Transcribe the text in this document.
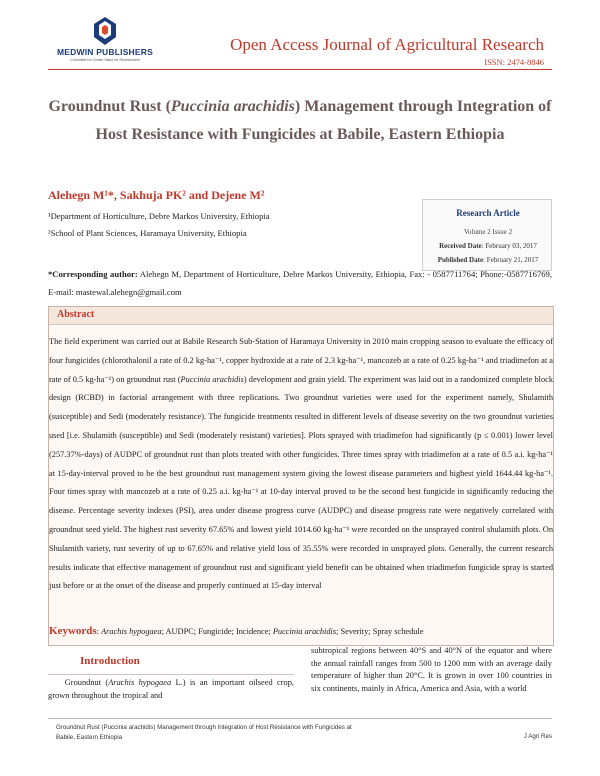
MEDWIN PUBLISHERS
Committed to Create Value for Researchers
Open Access Journal of Agricultural Research
ISSN: 2474-8846
Groundnut Rust (Puccinia arachidis) Management through Integration of Host Resistance with Fungicides at Babile, Eastern Ethiopia
Alehegn M¹*, Sakhuja PK² and Dejene M²
¹Department of Horticulture, Debre Markos University, Ethiopia
²School of Plant Sciences, Haramaya University, Ethiopia
Research Article
Volume 2 Issue 2
Received Date: February 03, 2017
Published Date: February 21, 2017
*Corresponding author: Alehegn M, Department of Horticulture, Debre Markos University, Ethiopia, Fax: - 0587711764; Phone:-0587716769, E-mail: mastewal.alehegn@gmail.com
Abstract
The field experiment was carried out at Babile Research Sub-Station of Haramaya University in 2010 main cropping season to evaluate the efficacy of four fungicides (chlorothalonil a rate of 0.2 kg-ha⁻¹, copper hydroxide at a rate of 2.3 kg-ha⁻¹, mancozeb at a rate of 0.25 kg-ha⁻¹ and triadimefon at a rate of 0.5 kg-ha⁻¹) on groundnut rust (Puccinia arachidis) development and grain yield. The experiment was laid out in a randomized complete block design (RCBD) in factorial arrangement with three replications. Two groundnut varieties were used for the experiment namely, Shulamith (susceptible) and Sedi (moderately resistance). The fungicide treatments resulted in different levels of disease severity on the two groundnut varieties used [i.e. Shulamith (susceptible) and Sedi (moderately resistant) varieties]. Plots sprayed with triadimefon had significantly (p ≤ 0.001) lower level (257.37%-days) of AUDPC of groundnut rust than plots treated with other fungicides. Three times spray with triadimefon at a rate of 0.5 a.i. kg-ha⁻¹ at 15-day-interval proved to be the best groundnut rust management system giving the lowest disease parameters and highest yield 1644.44 kg-ha⁻¹. Four times spray with mancozeb at a rate of 0.25 a.i. kg-ha⁻¹ at 10-day interval proved to be the second best fungicide in significantly reducing the disease. Percentage severity indexes (PSI), area under disease progress curve (AUDPC) and disease progress rate were negatively correlated with groundnut seed yield. The highest rust severity 67.65% and lowest yield 1014.60 kg-ha⁻¹ were recorded on the unsprayed control shulamith plots. On Shulamith variety, rust severity of up to 67.65% and relative yield loss of 35.55% were recorded in unsprayed plots. Generally, the current research results indicate that effective management of groundnut rust and significant yield benefit can be obtained when triadimefon fungicide spray is started just before or at the onset of the disease and properly continued at 15-day interval
Keywords: Arachis hypogaea; AUDPC; Fungicide; Incidence; Puccinia arachidis; Severity; Spray schedule
Introduction
  Groundnut (Arachis hypogaea L.) is an important oilseed crop, grown throughout the tropical and
subtropical regions between 40°S and 40°N of the equator and where the annual rainfall ranges from 500 to 1200 mm with an average daily temperature of higher than 20°C. It is grown in over 100 countries in six continents, mainly in Africa, America and Asia, with a world
Groundnut Rust (Puccinia arachidis) Management through Integration of Host Resistance with Fungicides at Babile, Eastern Ethiopia	J Agri Res
